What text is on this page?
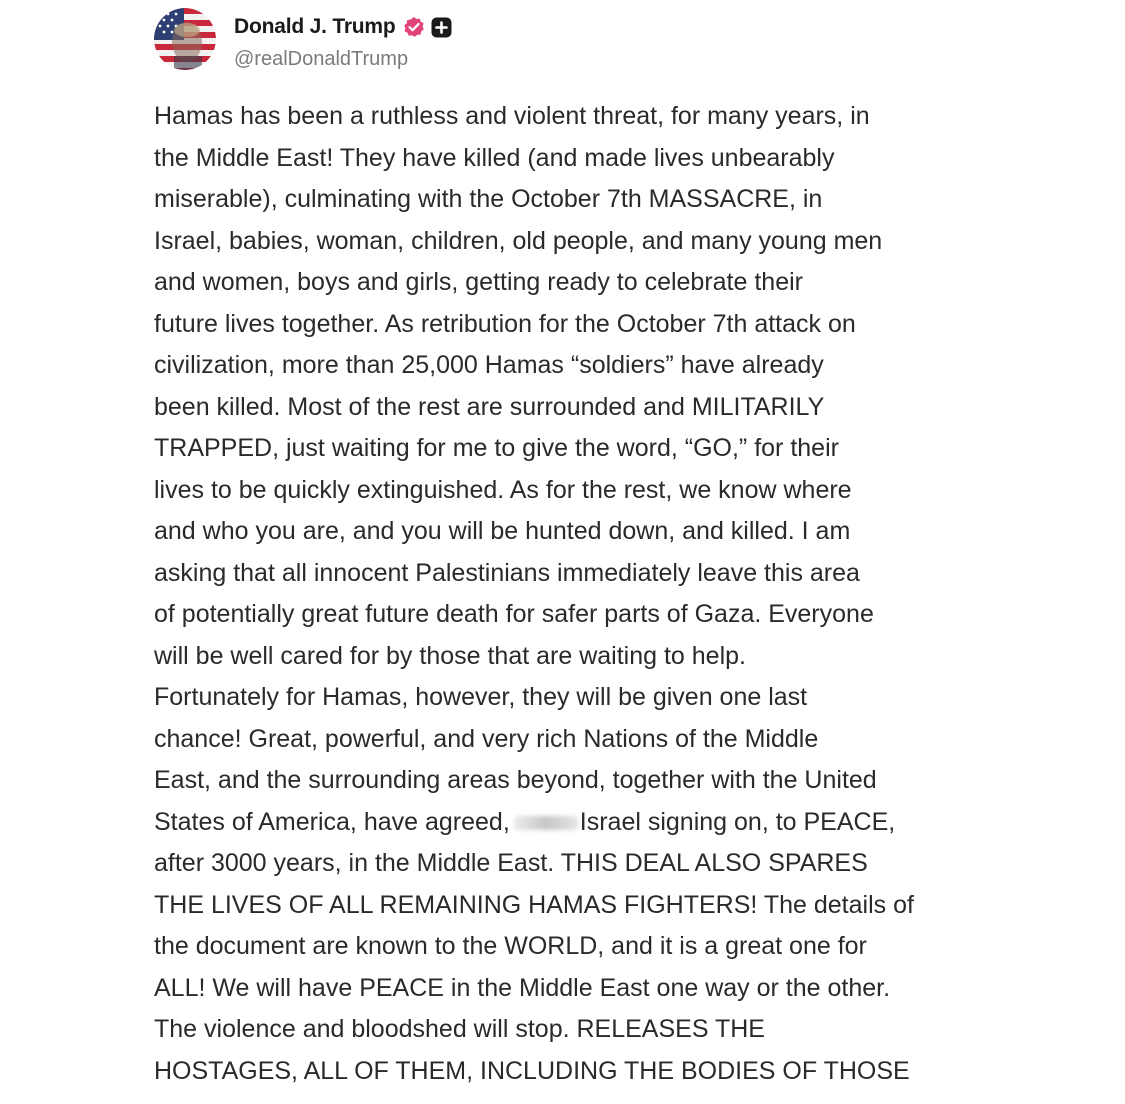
Donald J. Trump
@realDonaldTrump
Hamas has been a ruthless and violent threat, for many years, in
the Middle East! They have killed (and made lives unbearably
miserable), culminating with the October 7th MASSACRE, in
Israel, babies, woman, children, old people, and many young men
and women, boys and girls, getting ready to celebrate their
future lives together. As retribution for the October 7th attack on
civilization, more than 25,000 Hamas “soldiers” have already
been killed. Most of the rest are surrounded and MILITARILY
TRAPPED, just waiting for me to give the word, “GO,” for their
lives to be quickly extinguished. As for the rest, we know where
and who you are, and you will be hunted down, and killed. I am
asking that all innocent Palestinians immediately leave this area
of potentially great future death for safer parts of Gaza. Everyone
will be well cared for by those that are waiting to help.
Fortunately for Hamas, however, they will be given one last
chance! Great, powerful, and very rich Nations of the Middle
East, and the surrounding areas beyond, together with the United
States of America, have agreed,	Israel signing on, to PEACE,
after 3000 years, in the Middle East. THIS DEAL ALSO SPARES
THE LIVES OF ALL REMAINING HAMAS FIGHTERS! The details of
the document are known to the WORLD, and it is a great one for
ALL! We will have PEACE in the Middle East one way or the other.
The violence and bloodshed will stop. RELEASES THE
HOSTAGES, ALL OF THEM, INCLUDING THE BODIES OF THOSE
